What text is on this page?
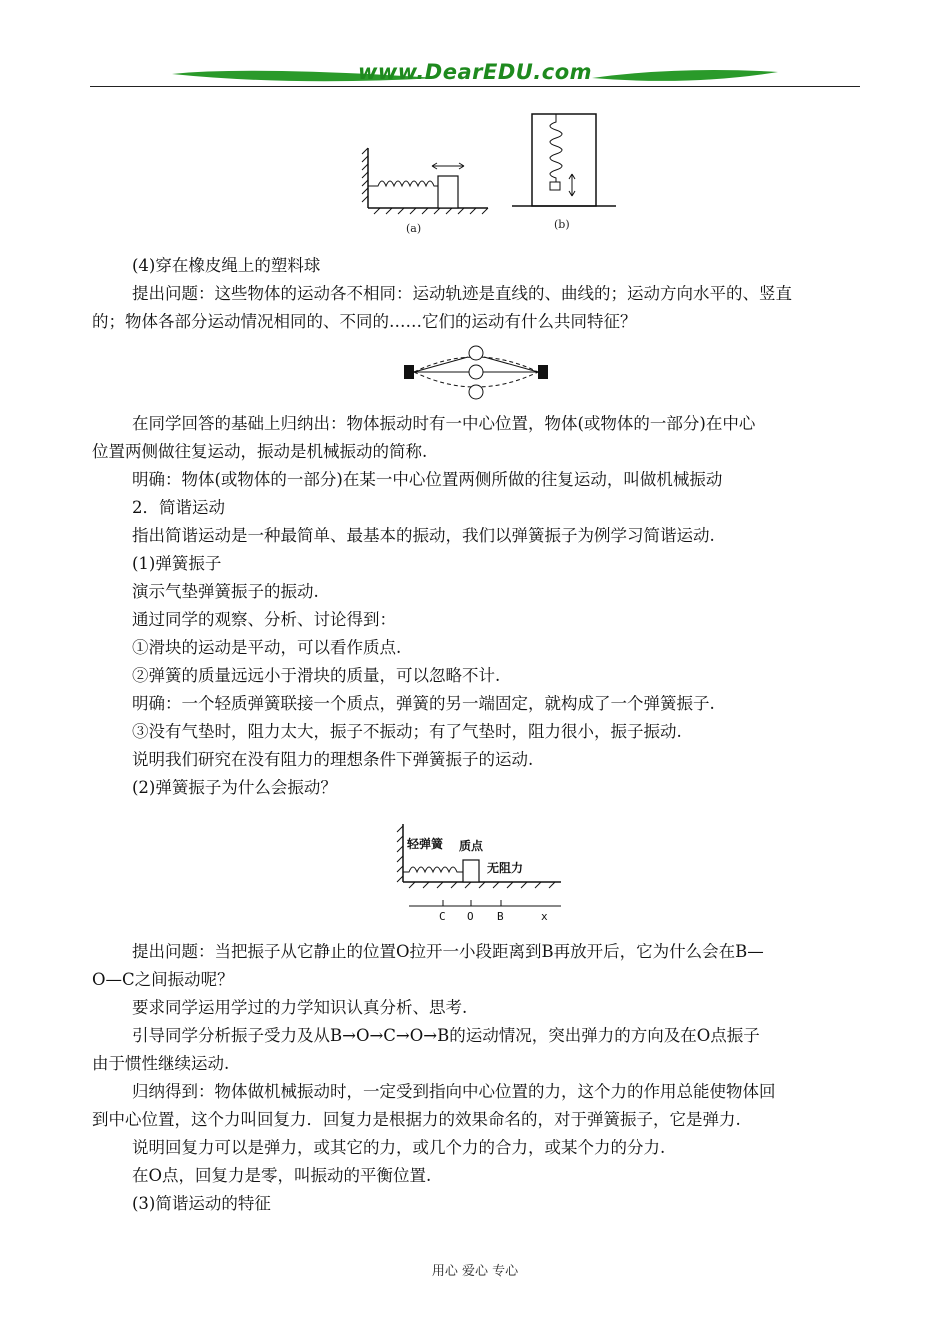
www.DearEDU.com
(a)	(b)
(4)穿在橡皮绳上的塑料球
提出问题：这些物体的运动各不相同：运动轨迹是直线的、曲线的；运动方向水平的、竖直
的；物体各部分运动情况相同的、不同的……它们的运动有什么共同特征？
在同学回答的基础上归纳出：物体振动时有一中心位置，物体(或物体的一部分)在中心
位置两侧做往复运动，振动是机械振动的简称.
明确：物体(或物体的一部分)在某一中心位置两侧所做的往复运动，叫做机械振动
2．简谐运动
指出简谐运动是一种最简单、最基本的振动，我们以弹簧振子为例学习简谐运动.
(1)弹簧振子
演示气垫弹簧振子的振动.
通过同学的观察、分析、讨论得到：
①滑块的运动是平动，可以看作质点.
②弹簧的质量远远小于滑块的质量，可以忽略不计.
明确：一个轻质弹簧联接一个质点，弹簧的另一端固定，就构成了一个弹簧振子.
③没有气垫时，阻力太大，振子不振动；有了气垫时，阻力很小，振子振动.
说明我们研究在没有阻力的理想条件下弹簧振子的运动.
(2)弹簧振子为什么会振动？
轻弹簧 质点
无阻力
C O B	x
提出问题：当把振子从它静止的位置O拉开一小段距离到B再放开后，它为什么会在B—
O—C之间振动呢？
要求同学运用学过的力学知识认真分析、思考.
引导同学分析振子受力及从B→O→C→O→B的运动情况，突出弹力的方向及在O点振子
由于惯性继续运动.
归纳得到：物体做机械振动时，一定受到指向中心位置的力，这个力的作用总能使物体回
到中心位置，这个力叫回复力．回复力是根据力的效果命名的，对于弹簧振子，它是弹力.
说明回复力可以是弹力，或其它的力，或几个力的合力，或某个力的分力.
在O点，回复力是零，叫振动的平衡位置.
(3)简谐运动的特征
用心 爱心 专心
